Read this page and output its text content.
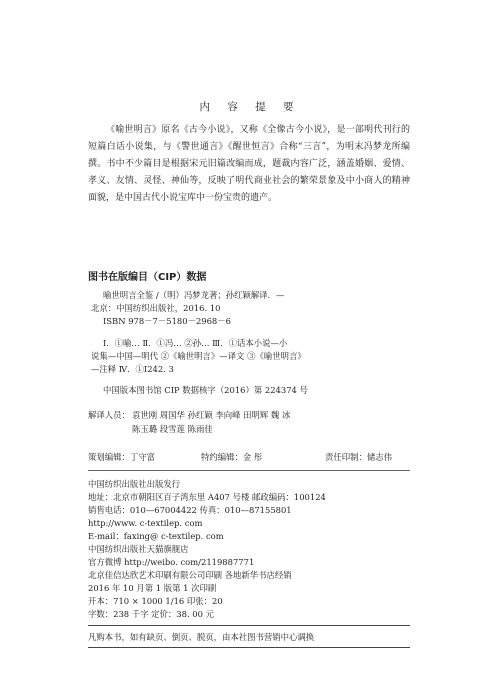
内 容 提 要

《喻世明言》原名《古今小说》，又称《全像古今小说》，是一部明代刊行的短篇白话小说集，与《警世通言》《醒世恒言》合称“三言”，为明末冯梦龙所编撰。书中不少篇目是根据宋元旧篇改编而成，题裁内容广泛，涵盖婚姻、爱情、孝义、友情、灵怪、神仙等，反映了明代商业社会的繁荣景象及中小商人的精神面貌，是中国古代小说宝库中一份宝贵的遗产。

图书在版编目（CIP）数据
喻世明言全鉴 /（明）冯梦龙著；孙红颖解译．—
北京：中国纺织出版社，2016. 10
ISBN 978－7－5180－2968－6
Ⅰ．①喻… Ⅱ．①冯… ②孙… Ⅲ．①话本小说—小
说集—中国—明代 ②《喻世明言》—译文 ③《喻世明言》
—注释 Ⅳ．①I242. 3
中国版本图书馆 CIP 数据核字（2016）第 224374 号
解译人员： 袁世刚 周国华 孙红颖 李向峰 田明辉 魏 冰
陈玉璐 段雪莲 陈雨佳
策划编辑：丁守富	特约编辑：金 彤	责任印制：储志伟
中国纺织出版社出版发行
地址：北京市朝阳区百子湾东里 A407 号楼 邮政编码：100124
销售电话：010—67004422 传真：010—87155801
http://www. c-textilep. com
E-mail：faxing@ c-textilep. com
中国纺织出版社天猫旗舰店
官方微博 http://weibo. com/2119887771
北京佳信达欣艺术印刷有限公司印刷 各地新华书店经销
2016 年 10 月第 1 版第 1 次印刷
开本：710 × 1000 1/16 印张：20
字数：238 千字 定价：38. 00 元
凡购本书，如有缺页、倒页、脱页，由本社图书营销中心调换
